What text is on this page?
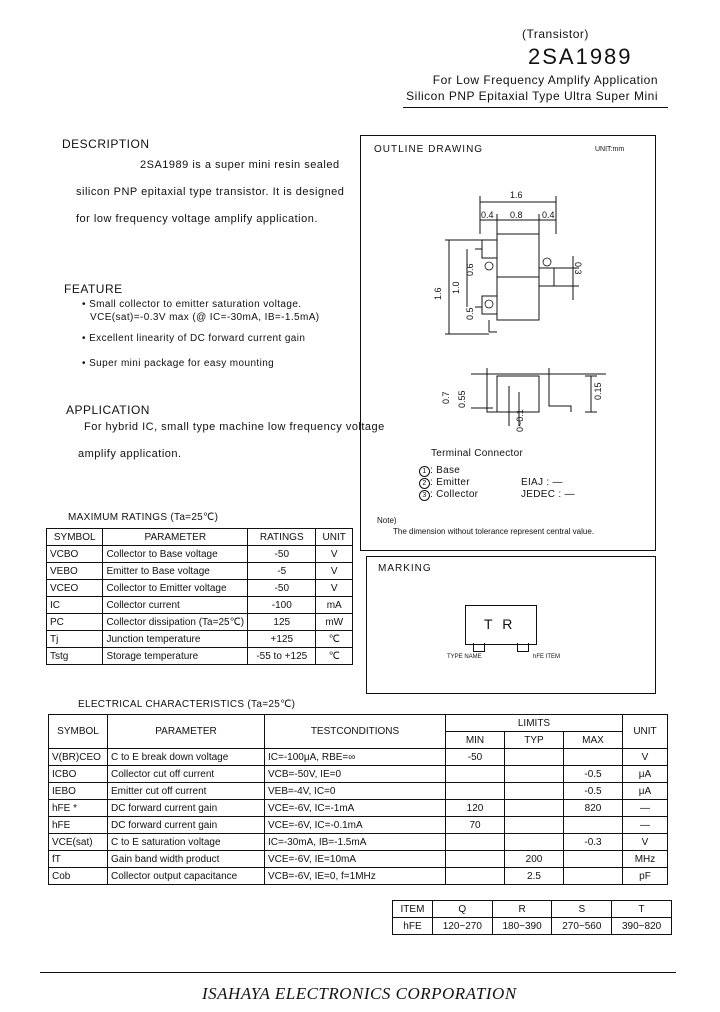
(Transistor)
2SA1989
For Low Frequency Amplify Application
Silicon PNP Epitaxial Type Ultra Super Mini
DESCRIPTION
2SA1989 is a super mini resin sealed
silicon PNP epitaxial type transistor. It is designed
for low frequency voltage amplify application.
FEATURE
• Small collector to emitter saturation voltage.
VCE(sat)=-0.3V max (@ IC=-30mA, IB=-1.5mA)
• Excellent linearity of DC forward current gain
• Super mini package for easy mounting
APPLICATION
For hybrid IC, small type machine low frequency voltage
amplify application.
OUTLINE DRAWING	UNIT:mm
1.6
0.4 0.8 0.4
1.6 1.0
0.6
0.5
0.3
0.7 0.55	0.15
0~0.1
Terminal Connector
1 : Base
2 : Emitter
3 : Collector
EIAJ : —
JEDEC : —
Note)
The dimension without tolerance represent central value.
MARKING
T R
TYPE NAME	hFE ITEM
MAXIMUM RATINGS (Ta=25℃)
SYMBOL	PARAMETER	RATINGS	UNIT
VCBO	Collector to Base voltage	-50	V
VEBO	Emitter to Base voltage	-5	V
VCEO	Collector to Emitter voltage	-50	V
IC	Collector current	-100	mA
PC	Collector dissipation (Ta=25℃)	125	mW
Tj	Junction temperature	+125	℃
Tstg	Storage temperature	-55 to +125	℃
ELECTRICAL CHARACTERISTICS (Ta=25℃)
SYMBOL	PARAMETER	TESTCONDITIONS	LIMITS			UNIT
			MIN	TYP	MAX	
V(BR)CEO	C to E break down voltage	IC=-100μA, RBE=∞	-50			V
ICBO	Collector cut off current	VCB=-50V, IE=0			-0.5	μA
IEBO	Emitter cut off current	VEB=-4V, IC=0			-0.5	μA
hFE *	DC forward current gain	VCE=-6V, IC=-1mA	120		820	—
hFE	DC forward current gain	VCE=-6V, IC=-0.1mA	70			—
VCE(sat)	C to E saturation voltage	IC=-30mA, IB=-1.5mA			-0.3	V
fT	Gain band width product	VCE=-6V, IE=10mA		200		MHz
Cob	Collector output capacitance	VCB=-6V, IE=0, f=1MHz		2.5		pF
ITEM	Q	R	S	T
hFE	120~270	180~390	270~560	390~820
ISAHAYA ELECTRONICS CORPORATION
